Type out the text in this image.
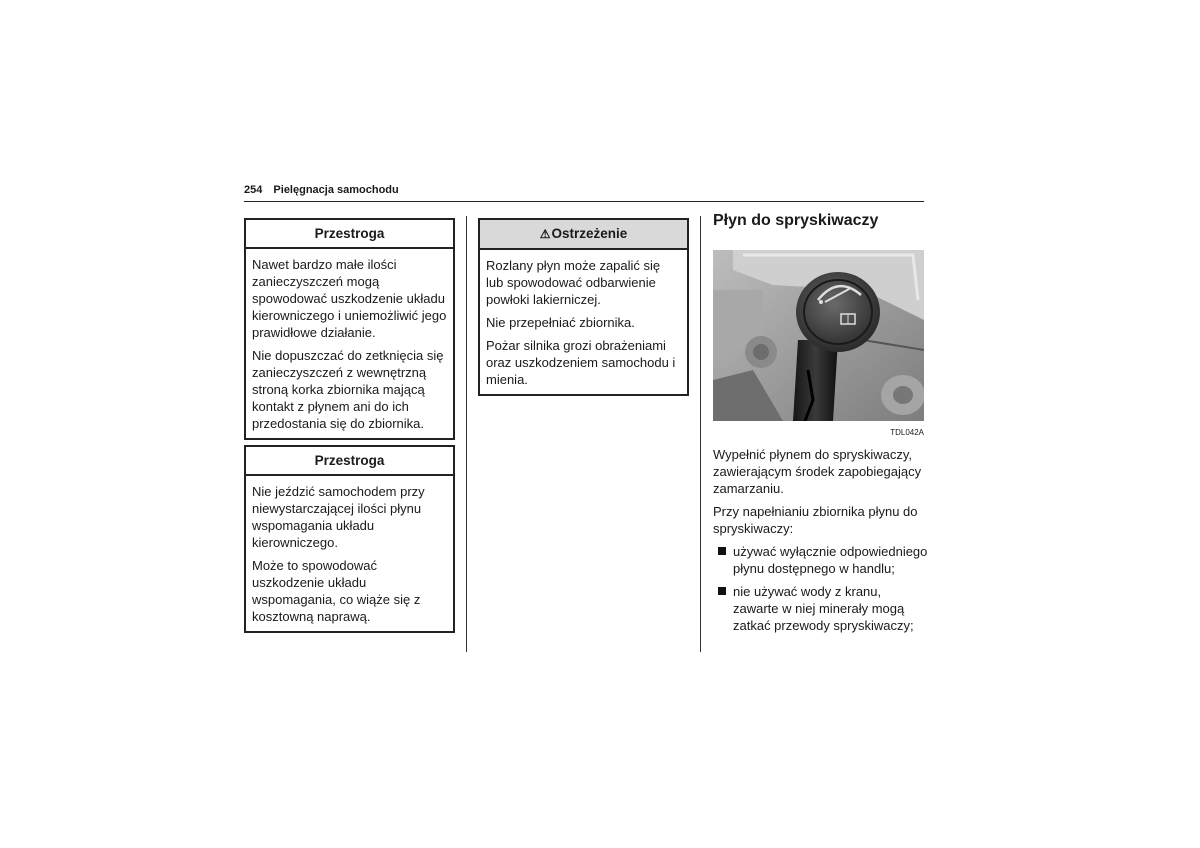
254 Pielęgnacja samochodu
Przestroga

Nawet bardzo małe ilości zanieczyszczeń mogą spowodować uszkodzenie układu kierowniczego i uniemożliwić jego prawidłowe działanie.

Nie dopuszczać do zetknięcia się zanieczyszczeń z wewnętrzną stroną korka zbiornika mającą kontakt z płynem ani do ich przedostania się do zbiornika.

Przestroga

Nie jeździć samochodem przy niewystarczającej ilości płynu wspomagania układu kierowniczego.

Może to spowodować uszkodzenie układu wspomagania, co wiąże się z kosztowną naprawą.

⚠Ostrzeżenie

Rozlany płyn może zapalić się lub spowodować odbarwienie powłoki lakierniczej.

Nie przepełniać zbiornika.

Pożar silnika grozi obrażeniami oraz uszkodzeniem samochodu i mienia.

Płyn do spryskiwaczy
TDL042A

Wypełnić płynem do spryskiwaczy, zawierającym środek zapobiegający zamarzaniu.

Przy napełnianiu zbiornika płynu do spryskiwaczy:

używać wyłącznie odpowiedniego płynu dostępnego w handlu;
nie używać wody z kranu, zawarte w niej minerały mogą zatkać przewody spryskiwaczy;
